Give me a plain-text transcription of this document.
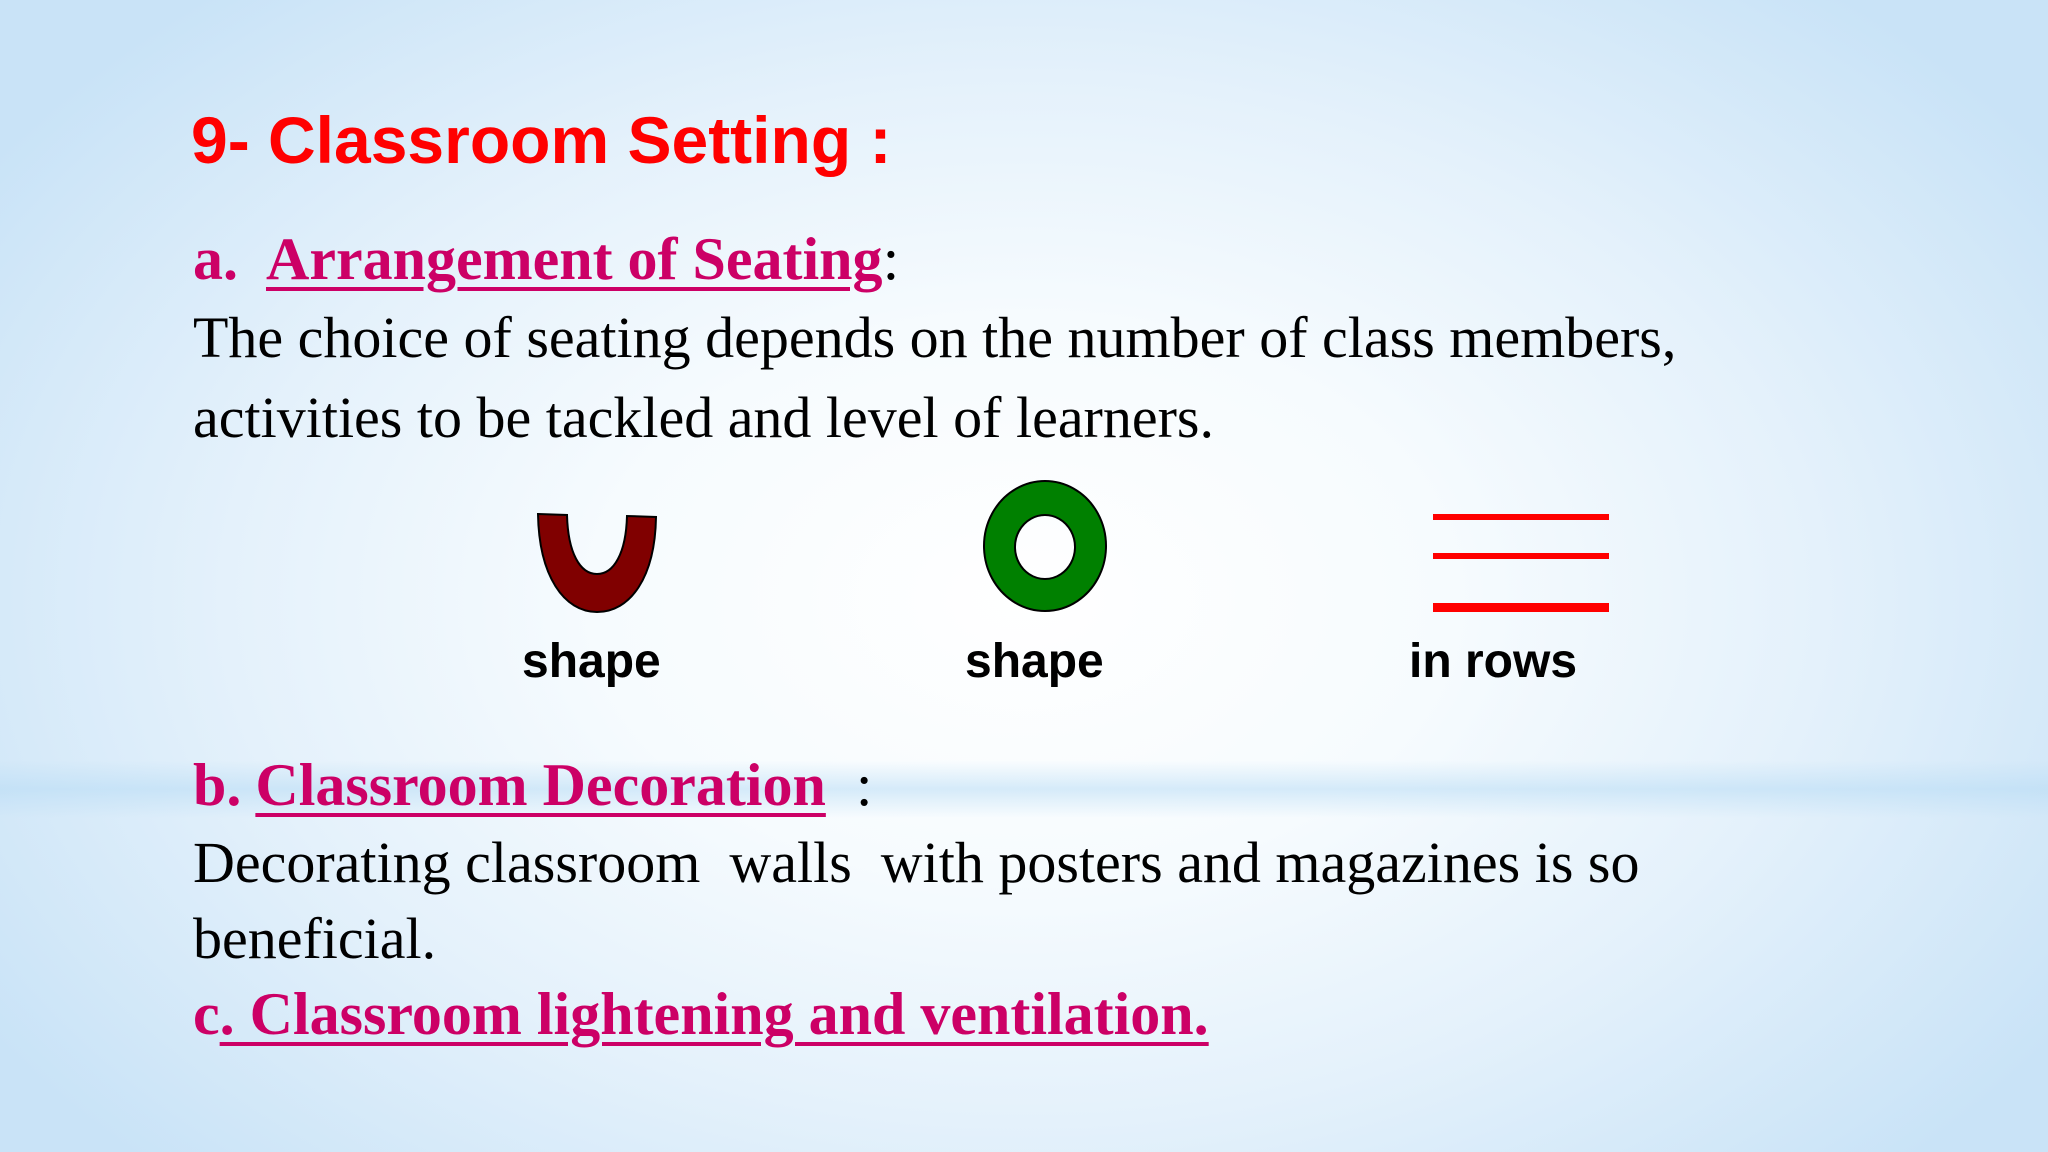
9- Classroom Setting :
a. Arrangement of Seating:
The choice of seating depends on the number of class members,
activities to be tackled and level of learners.
shape	shape	in rows
b. Classroom Decoration :
Decorating classroom  walls  with posters and magazines is so
beneficial.
c. Classroom lightening and ventilation.
